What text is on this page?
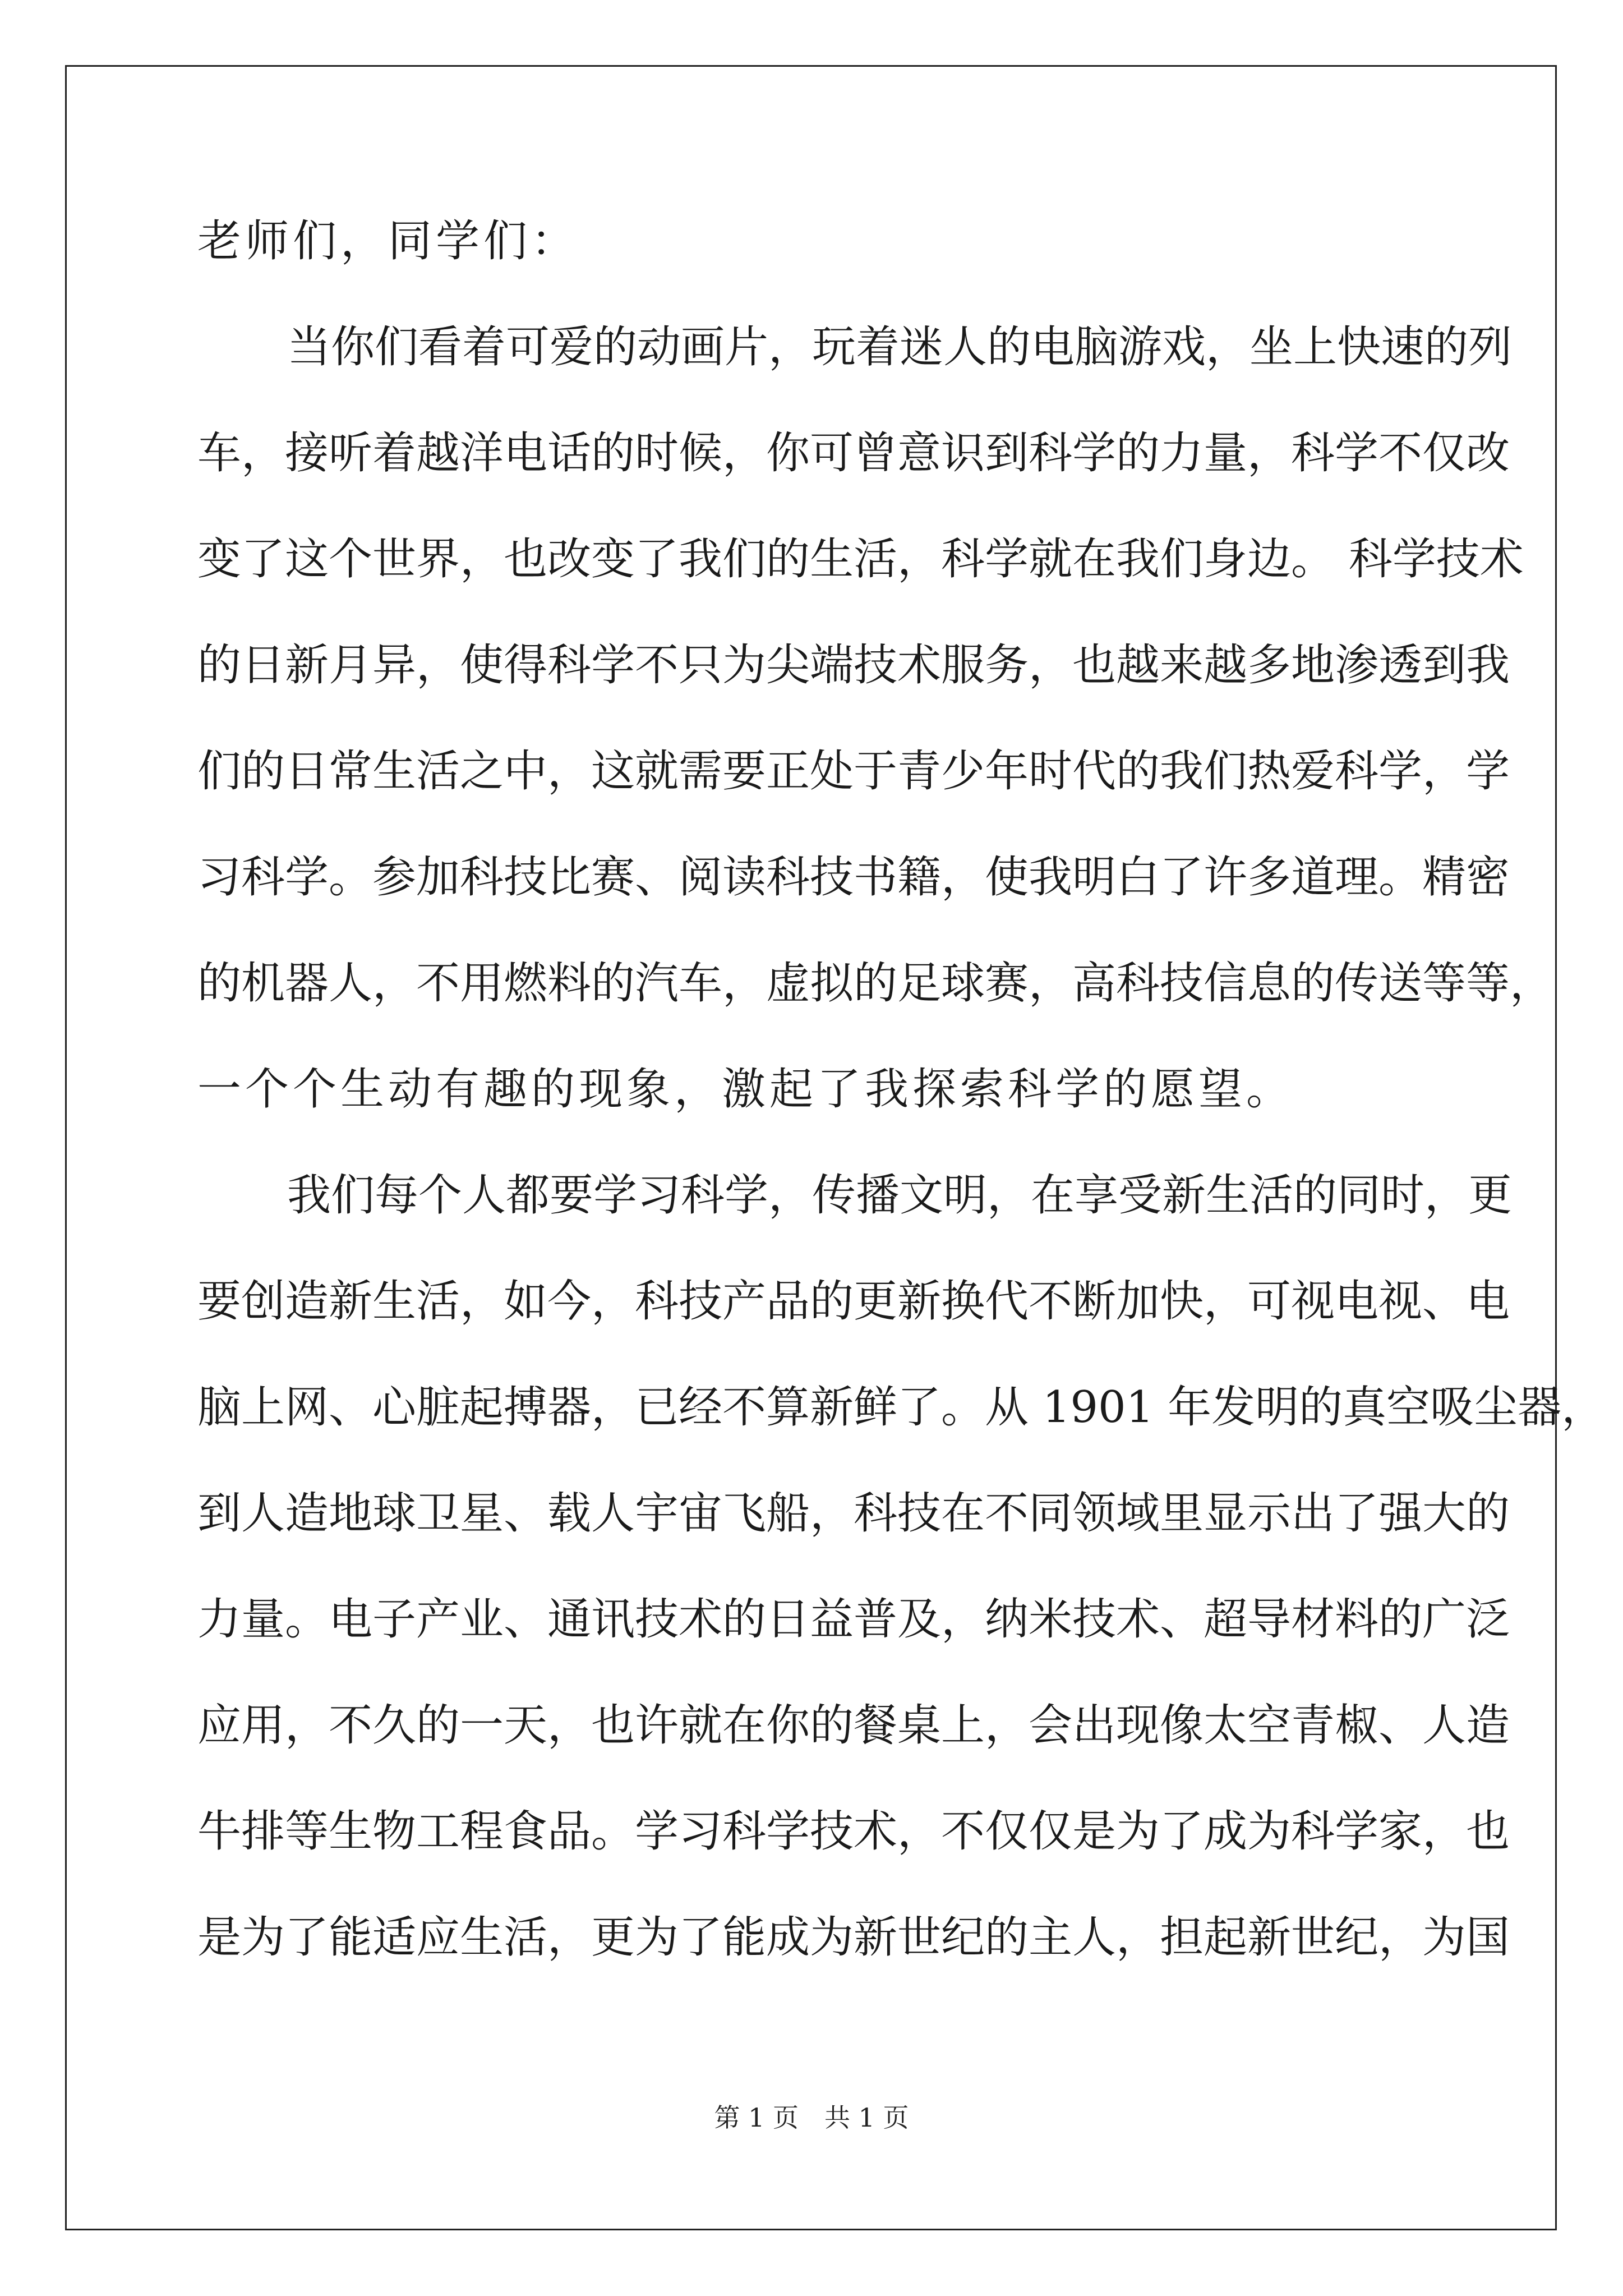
老师们，同学们：
当你们看着可爱的动画片，玩着迷人的电脑游戏，坐上快速的列
车，接听着越洋电话的时候，你可曾意识到科学的力量，科学不仅改
变了这个世界，也改变了我们的生活，科学就在我们身边。 科学技术
的日新月异，使得科学不只为尖端技术服务，也越来越多地渗透到我
们的日常生活之中，这就需要正处于青少年时代的我们热爱科学，学
习科学。参加科技比赛、阅读科技书籍，使我明白了许多道理。精密
的机器人，不用燃料的汽车，虚拟的足球赛，高科技信息的传送等等，
一个个生动有趣的现象，激起了我探索科学的愿望。
我们每个人都要学习科学，传播文明，在享受新生活的同时，更
要创造新生活，如今，科技产品的更新换代不断加快，可视电视、电
脑上网、心脏起搏器，已经不算新鲜了。从 1901 年发明的真空吸尘器，
到人造地球卫星、载人宇宙飞船，科技在不同领域里显示出了强大的
力量。电子产业、通讯技术的日益普及，纳米技术、超导材料的广泛
应用，不久的一天，也许就在你的餐桌上，会出现像太空青椒、人造
牛排等生物工程食品。学习科学技术，不仅仅是为了成为科学家，也
是为了能适应生活，更为了能成为新世纪的主人，担起新世纪，为国
第 1 页　共 1 页
